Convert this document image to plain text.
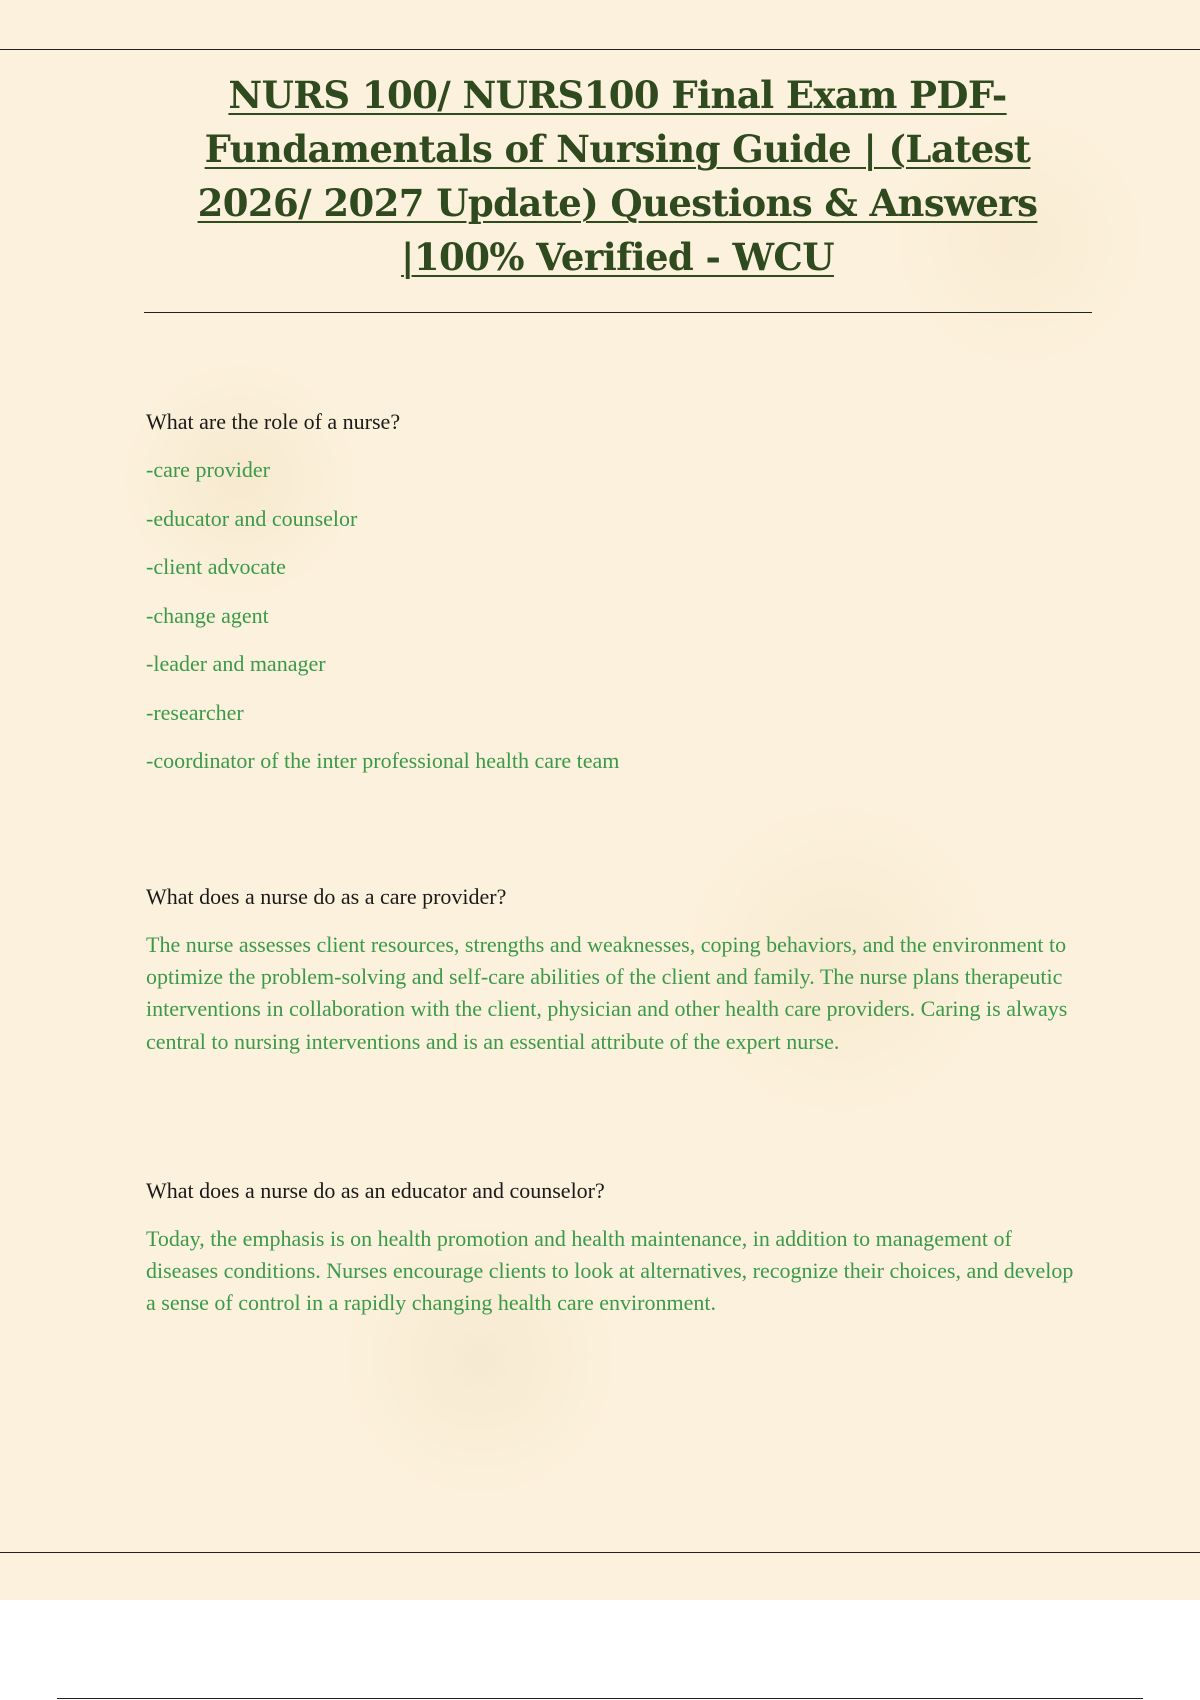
NURS 100/ NURS100 Final Exam PDF- Fundamentals of Nursing Guide | (Latest 2026/ 2027 Update) Questions & Answers |100% Verified - WCU

What are the role of a nurse?

-care provider
-educator and counselor
-client advocate
-change agent
-leader and manager
-researcher
-coordinator of the inter professional health care team

What does a nurse do as a care provider?

The nurse assesses client resources, strengths and weaknesses, coping behaviors, and the environment to optimize the problem-solving and self-care abilities of the client and family. The nurse plans therapeutic interventions in collaboration with the client, physician and other health care providers. Caring is always central to nursing interventions and is an essential attribute of the expert nurse.

What does a nurse do as an educator and counselor?

Today, the emphasis is on health promotion and health maintenance, in addition to management of diseases conditions. Nurses encourage clients to look at alternatives, recognize their choices, and develop a sense of control in a rapidly changing health care environment.
